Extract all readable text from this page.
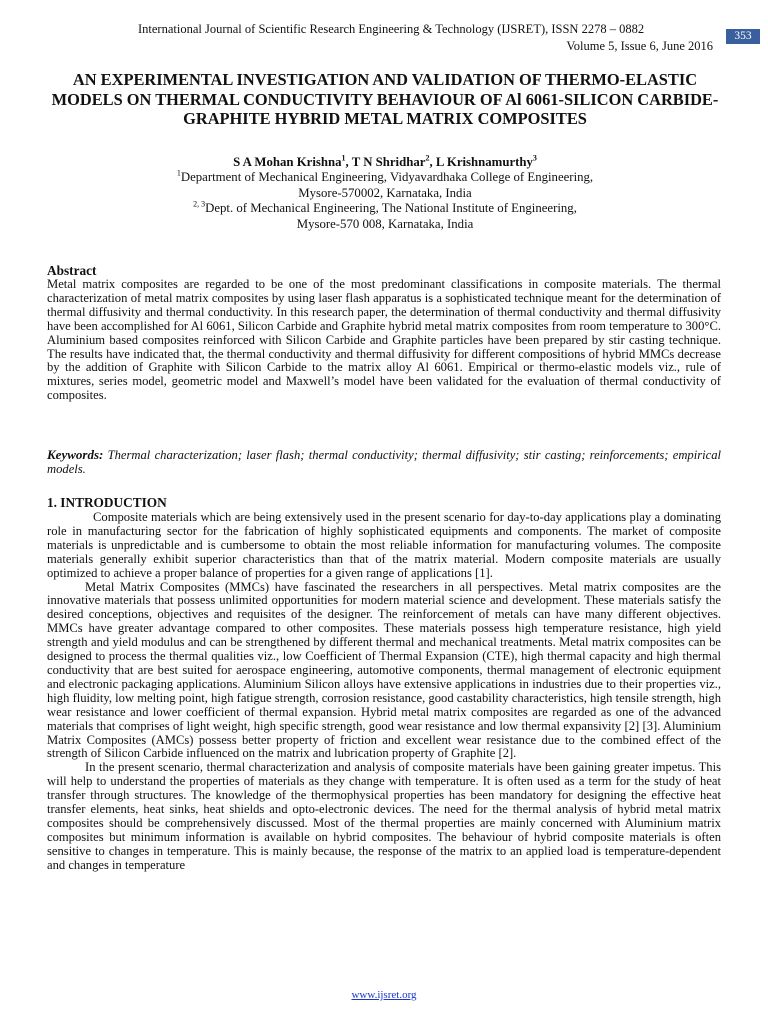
International Journal of Scientific Research Engineering & Technology (IJSRET), ISSN 2278 – 0882
Volume 5, Issue 6, June 2016
353
AN EXPERIMENTAL INVESTIGATION AND VALIDATION OF THERMO-ELASTIC MODELS ON THERMAL CONDUCTIVITY BEHAVIOUR OF Al 6061-SILICON CARBIDE-GRAPHITE HYBRID METAL MATRIX COMPOSITES
S A Mohan Krishna$^1$, T N Shridhar$^2$, L Krishnamurthy$^3$
$^1$Department of Mechanical Engineering, Vidyavardhaka College of Engineering,
Mysore-570002, Karnataka, India
$^{2, 3}$Dept. of Mechanical Engineering, The National Institute of Engineering,
Mysore-570 008, Karnataka, India
Abstract
Metal matrix composites are regarded to be one of the most predominant classifications in composite materials. The thermal characterization of metal matrix composites by using laser flash apparatus is a sophisticated technique meant for the determination of thermal diffusivity and thermal conductivity. In this research paper, the determination of thermal conductivity and thermal diffusivity have been accomplished for Al 6061, Silicon Carbide and Graphite hybrid metal matrix composites from room temperature to 300°C. Aluminium based composites reinforced with Silicon Carbide and Graphite particles have been prepared by stir casting technique. The results have indicated that, the thermal conductivity and thermal diffusivity for different compositions of hybrid MMCs decrease by the addition of Graphite with Silicon Carbide to the matrix alloy Al 6061. Empirical or thermo-elastic models viz., rule of mixtures, series model, geometric model and Maxwell’s model have been validated for the evaluation of thermal conductivity of composites.
Keywords: Thermal characterization; laser flash; thermal conductivity; thermal diffusivity; stir casting; reinforcements; empirical models.
1. INTRODUCTION

Composite materials which are being extensively used in the present scenario for day-to-day applications play a dominating role in manufacturing sector for the fabrication of highly sophisticated equipments and components. The market of composite materials is unpredictable and is cumbersome to obtain the most reliable information for manufacturing volumes. The composite materials generally exhibit superior characteristics than that of the matrix material. Modern composite materials are usually optimized to achieve a proper balance of properties for a given range of applications [1].

Metal Matrix Composites (MMCs) have fascinated the researchers in all perspectives. Metal matrix composites are the innovative materials that possess unlimited opportunities for modern material science and development. These materials satisfy the desired conceptions, objectives and requisites of the designer. The reinforcement of metals can have many different objectives. MMCs have greater advantage compared to other composites. These materials possess high temperature resistance, high yield strength and yield modulus and can be strengthened by different thermal and mechanical treatments. Metal matrix composites can be designed to process the thermal qualities viz., low Coefficient of Thermal Expansion (CTE), high thermal capacity and high thermal conductivity that are best suited for aerospace engineering, automotive components, thermal management of electronic equipment and electronic packaging applications. Aluminium Silicon alloys have extensive applications in industries due to their properties viz., high fluidity, low melting point, high fatigue strength, corrosion resistance, good castability characteristics, high tensile strength, high wear resistance and lower coefficient of thermal expansion. Hybrid metal matrix composites are regarded as one of the advanced materials that comprises of light weight, high specific strength, good wear resistance and low thermal expansivity [2] [3]. Aluminium Matrix Composites (AMCs) possess better property of friction and excellent wear resistance due to the combined effect of the strength of Silicon Carbide influenced on the matrix and lubrication property of Graphite [2].

In the present scenario, thermal characterization and analysis of composite materials have been gaining greater impetus. This will help to understand the properties of materials as they change with temperature. It is often used as a term for the study of heat transfer through structures. The knowledge of the thermophysical properties has been mandatory for designing the effective heat transfer elements, heat sinks, heat shields and opto-electronic devices. The need for the thermal analysis of hybrid metal matrix composites should be comprehensively discussed. Most of the thermal properties are mainly concerned with Aluminium matrix composites but minimum information is available on hybrid composites. The behaviour of hybrid composite materials is often sensitive to changes in temperature. This is mainly because, the response of the matrix to an applied load is temperature-dependent and changes in temperature

www.ijsret.org
